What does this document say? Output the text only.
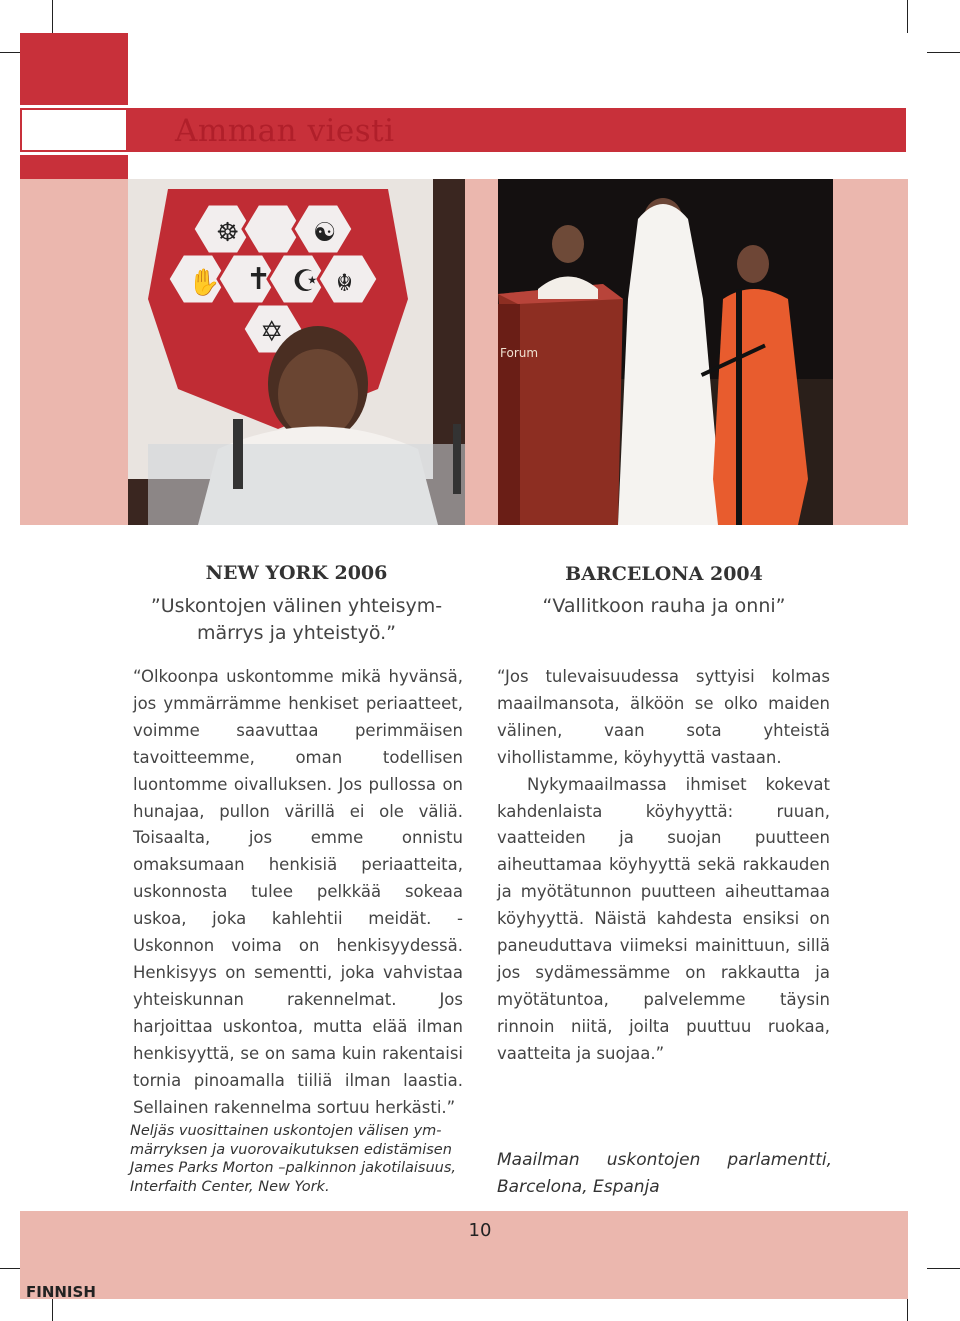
Amman viesti
✝ ☪
✡
☯
☸
✋	☬
Forum
NEW YORK 2006
”Uskontojen välinen yhteisym-
märrys ja yhteistyö.”

“Olkoonpa uskontomme mikä hyvänsä, jos ymmärrämme henkiset periaatteet, voimme saavuttaa perimmäisen tavoitteemme, oman todellisen luontomme oivalluksen. Jos pullossa on hunajaa, pullon värillä ei ole väliä. Toisaalta, jos emme onnistu omaksumaan henkisiä periaatteita, uskonnosta tulee pelkkää sokeaa uskoa, joka kahlehtii meidät. - Uskonnon voima on henkisyydessä. Henkisyys on sementti, joka vahvistaa yhteiskunnan rakennelmat. Jos harjoittaa uskontoa, mutta elää ilman henkisyyttä, se on sama kuin rakentaisi tornia pinoamalla tiiliä ilman laastia. Sellainen rakennelma sortuu herkästi.”

Neljäs vuosittainen uskontojen välisen ym-
märryksen ja vuorovaikutuksen edistämisen
James Parks Morton –palkinnon jakotilaisuus,
Interfaith Center, New York.
BARCELONA 2004
“Vallitkoon rauha ja onni”

“Jos tulevaisuudessa syttyisi kolmas maailmansota, älköön se olko maiden välinen, vaan sota yhteistä vihollistamme, köyhyyttä vastaan.

Nykymaailmassa ihmiset kokevat kahdenlaista köyhyyttä: ruuan, vaatteiden ja suojan puutteen aiheuttamaa köyhyyttä sekä rakkauden ja myötätunnon puutteen aiheuttamaa köyhyyttä. Näistä kahdesta ensiksi on paneuduttava viimeksi mainittuun, sillä jos sydämessämme on rakkautta ja myötätuntoa, palvelemme täysin rinnoin niitä, joilta puuttuu ruokaa, vaatteita ja suojaa.”

Maailman uskontojen parlamentti,
Barcelona, Espanja
10
FINNISH
